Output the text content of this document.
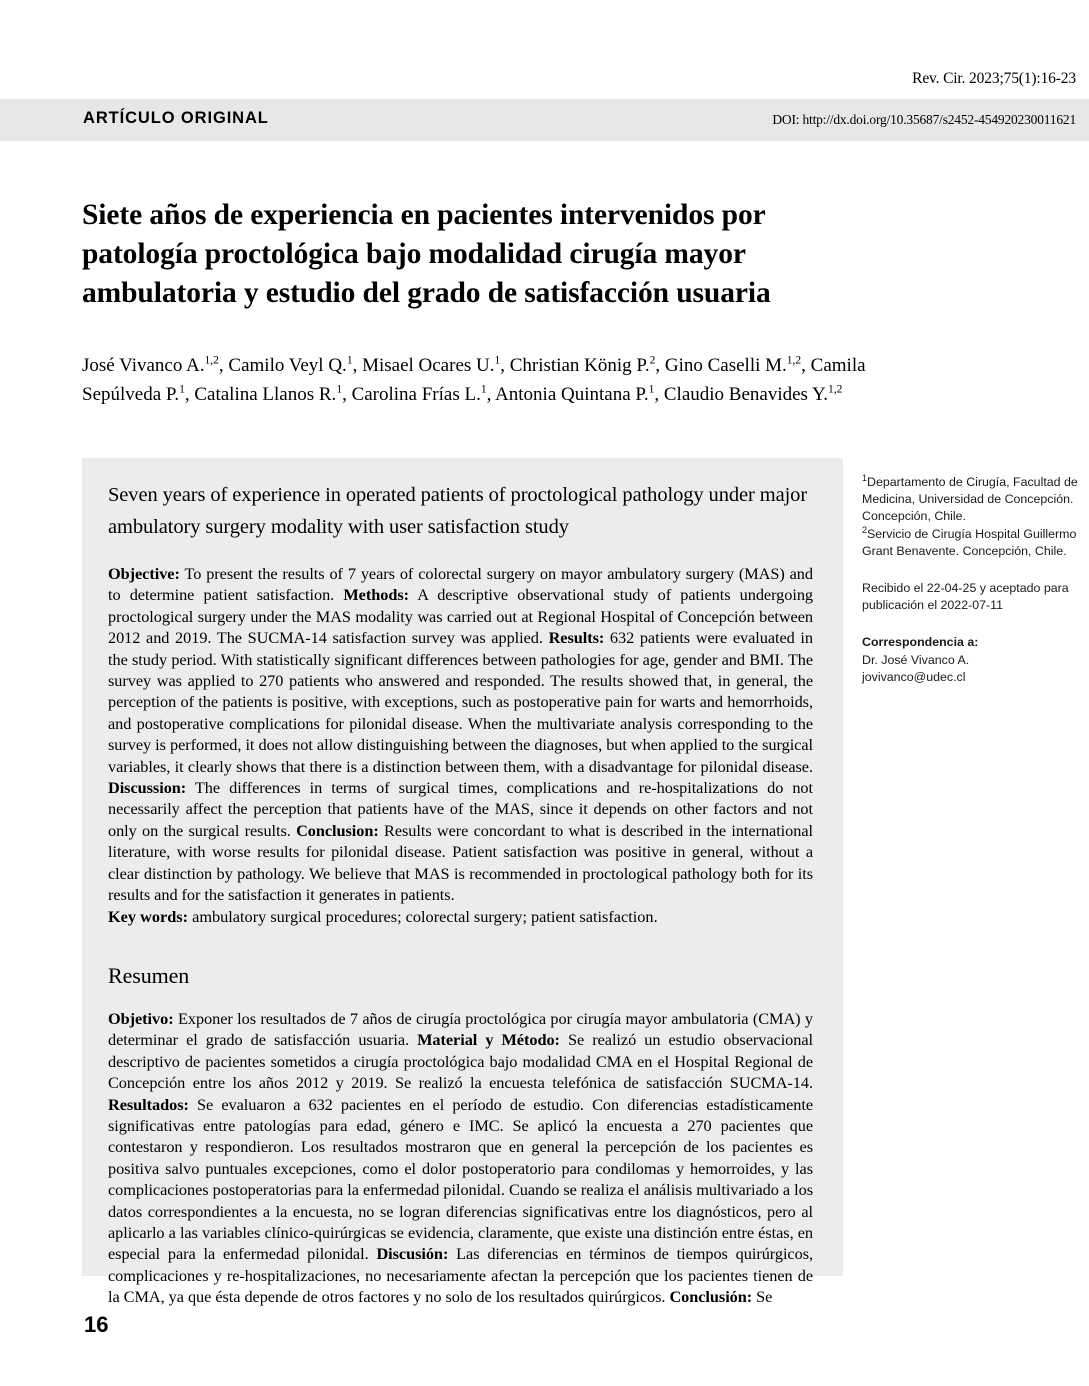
Rev. Cir. 2023;75(1):16-23
ARTÍCULO ORIGINAL	DOI: http://dx.doi.org/10.35687/s2452-454920230011621
Siete años de experiencia en pacientes intervenidos por patología proctológica bajo modalidad cirugía mayor ambulatoria y estudio del grado de satisfacción usuaria
José Vivanco A.$^{1,2}$, Camilo Veyl Q.$^1$, Misael Ocares U.$^1$, Christian König P.$^2$, Gino Caselli M.$^{1,2}$, Camila Sepúlveda P.$^1$, Catalina Llanos R.$^1$, Carolina Frías L.$^1$, Antonia Quintana P.$^1$, Claudio Benavides Y.$^{1,2}$
Seven years of experience in operated patients of proctological pathology under major ambulatory surgery modality with user satisfaction study

Objective: To present the results of 7 years of colorectal surgery on mayor ambulatory surgery (MAS) and to determine patient satisfaction. Methods: A descriptive observational study of patients undergoing proctological surgery under the MAS modality was carried out at Regional Hospital of Concepción between 2012 and 2019. The SUCMA-14 satisfaction survey was applied. Results: 632 patients were evaluated in the study period. With statistically significant differences between pathologies for age, gender and BMI. The survey was applied to 270 patients who answered and responded. The results showed that, in general, the perception of the patients is positive, with exceptions, such as postoperative pain for warts and hemorrhoids, and postoperative complications for pilonidal disease. When the multivariate analysis corresponding to the survey is performed, it does not allow distinguishing between the diagnoses, but when applied to the surgical variables, it clearly shows that there is a distinction between them, with a disadvantage for pilonidal disease. Discussion: The differences in terms of surgical times, complications and re-hospitalizations do not necessarily affect the perception that patients have of the MAS, since it depends on other factors and not only on the surgical results. Conclusion: Results were concordant to what is described in the international literature, with worse results for pilonidal disease. Patient satisfaction was positive in general, without a clear distinction by pathology. We believe that MAS is recommended in proctological pathology both for its results and for the satisfaction it generates in patients.

Key words: ambulatory surgical procedures; colorectal surgery; patient satisfaction.

Resumen

Objetivo: Exponer los resultados de 7 años de cirugía proctológica por cirugía mayor ambulatoria (CMA) y determinar el grado de satisfacción usuaria. Material y Método: Se realizó un estudio observacional descriptivo de pacientes sometidos a cirugía proctológica bajo modalidad CMA en el Hospital Regional de Concepción entre los años 2012 y 2019. Se realizó la encuesta telefónica de satisfacción SUCMA-14. Resultados: Se evaluaron a 632 pacientes en el período de estudio. Con diferencias estadísticamente significativas entre patologías para edad, género e IMC. Se aplicó la encuesta a 270 pacientes que contestaron y respondieron. Los resultados mostraron que en general la percepción de los pacientes es positiva salvo puntuales excepciones, como el dolor postoperatorio para condilomas y hemorroides, y las complicaciones postoperatorias para la enfermedad pilonidal. Cuando se realiza el análisis multivariado a los datos correspondientes a la encuesta, no se logran diferencias significativas entre los diagnósticos, pero al aplicarlo a las variables clínico-quirúrgicas se evidencia, claramente, que existe una distinción entre éstas, en especial para la enfermedad pilonidal. Discusión: Las diferencias en términos de tiempos quirúrgicos, complicaciones y re-hospitalizaciones, no necesariamente afectan la percepción que los pacientes tienen de la CMA, ya que ésta depende de otros factores y no solo de los resultados quirúrgicos. Conclusión: Se

$^1$Departamento de Cirugía, Facultad de Medicina, Universidad de Concepción. Concepción, Chile.
$^2$Servicio de Cirugía Hospital Guillermo Grant Benavente. Concepción, Chile.

Recibido el 22-04-25 y aceptado para publicación el 2022-07-11
Correspondencia a:
Dr. José Vivanco A.
jovivanco@udec.cl
16
